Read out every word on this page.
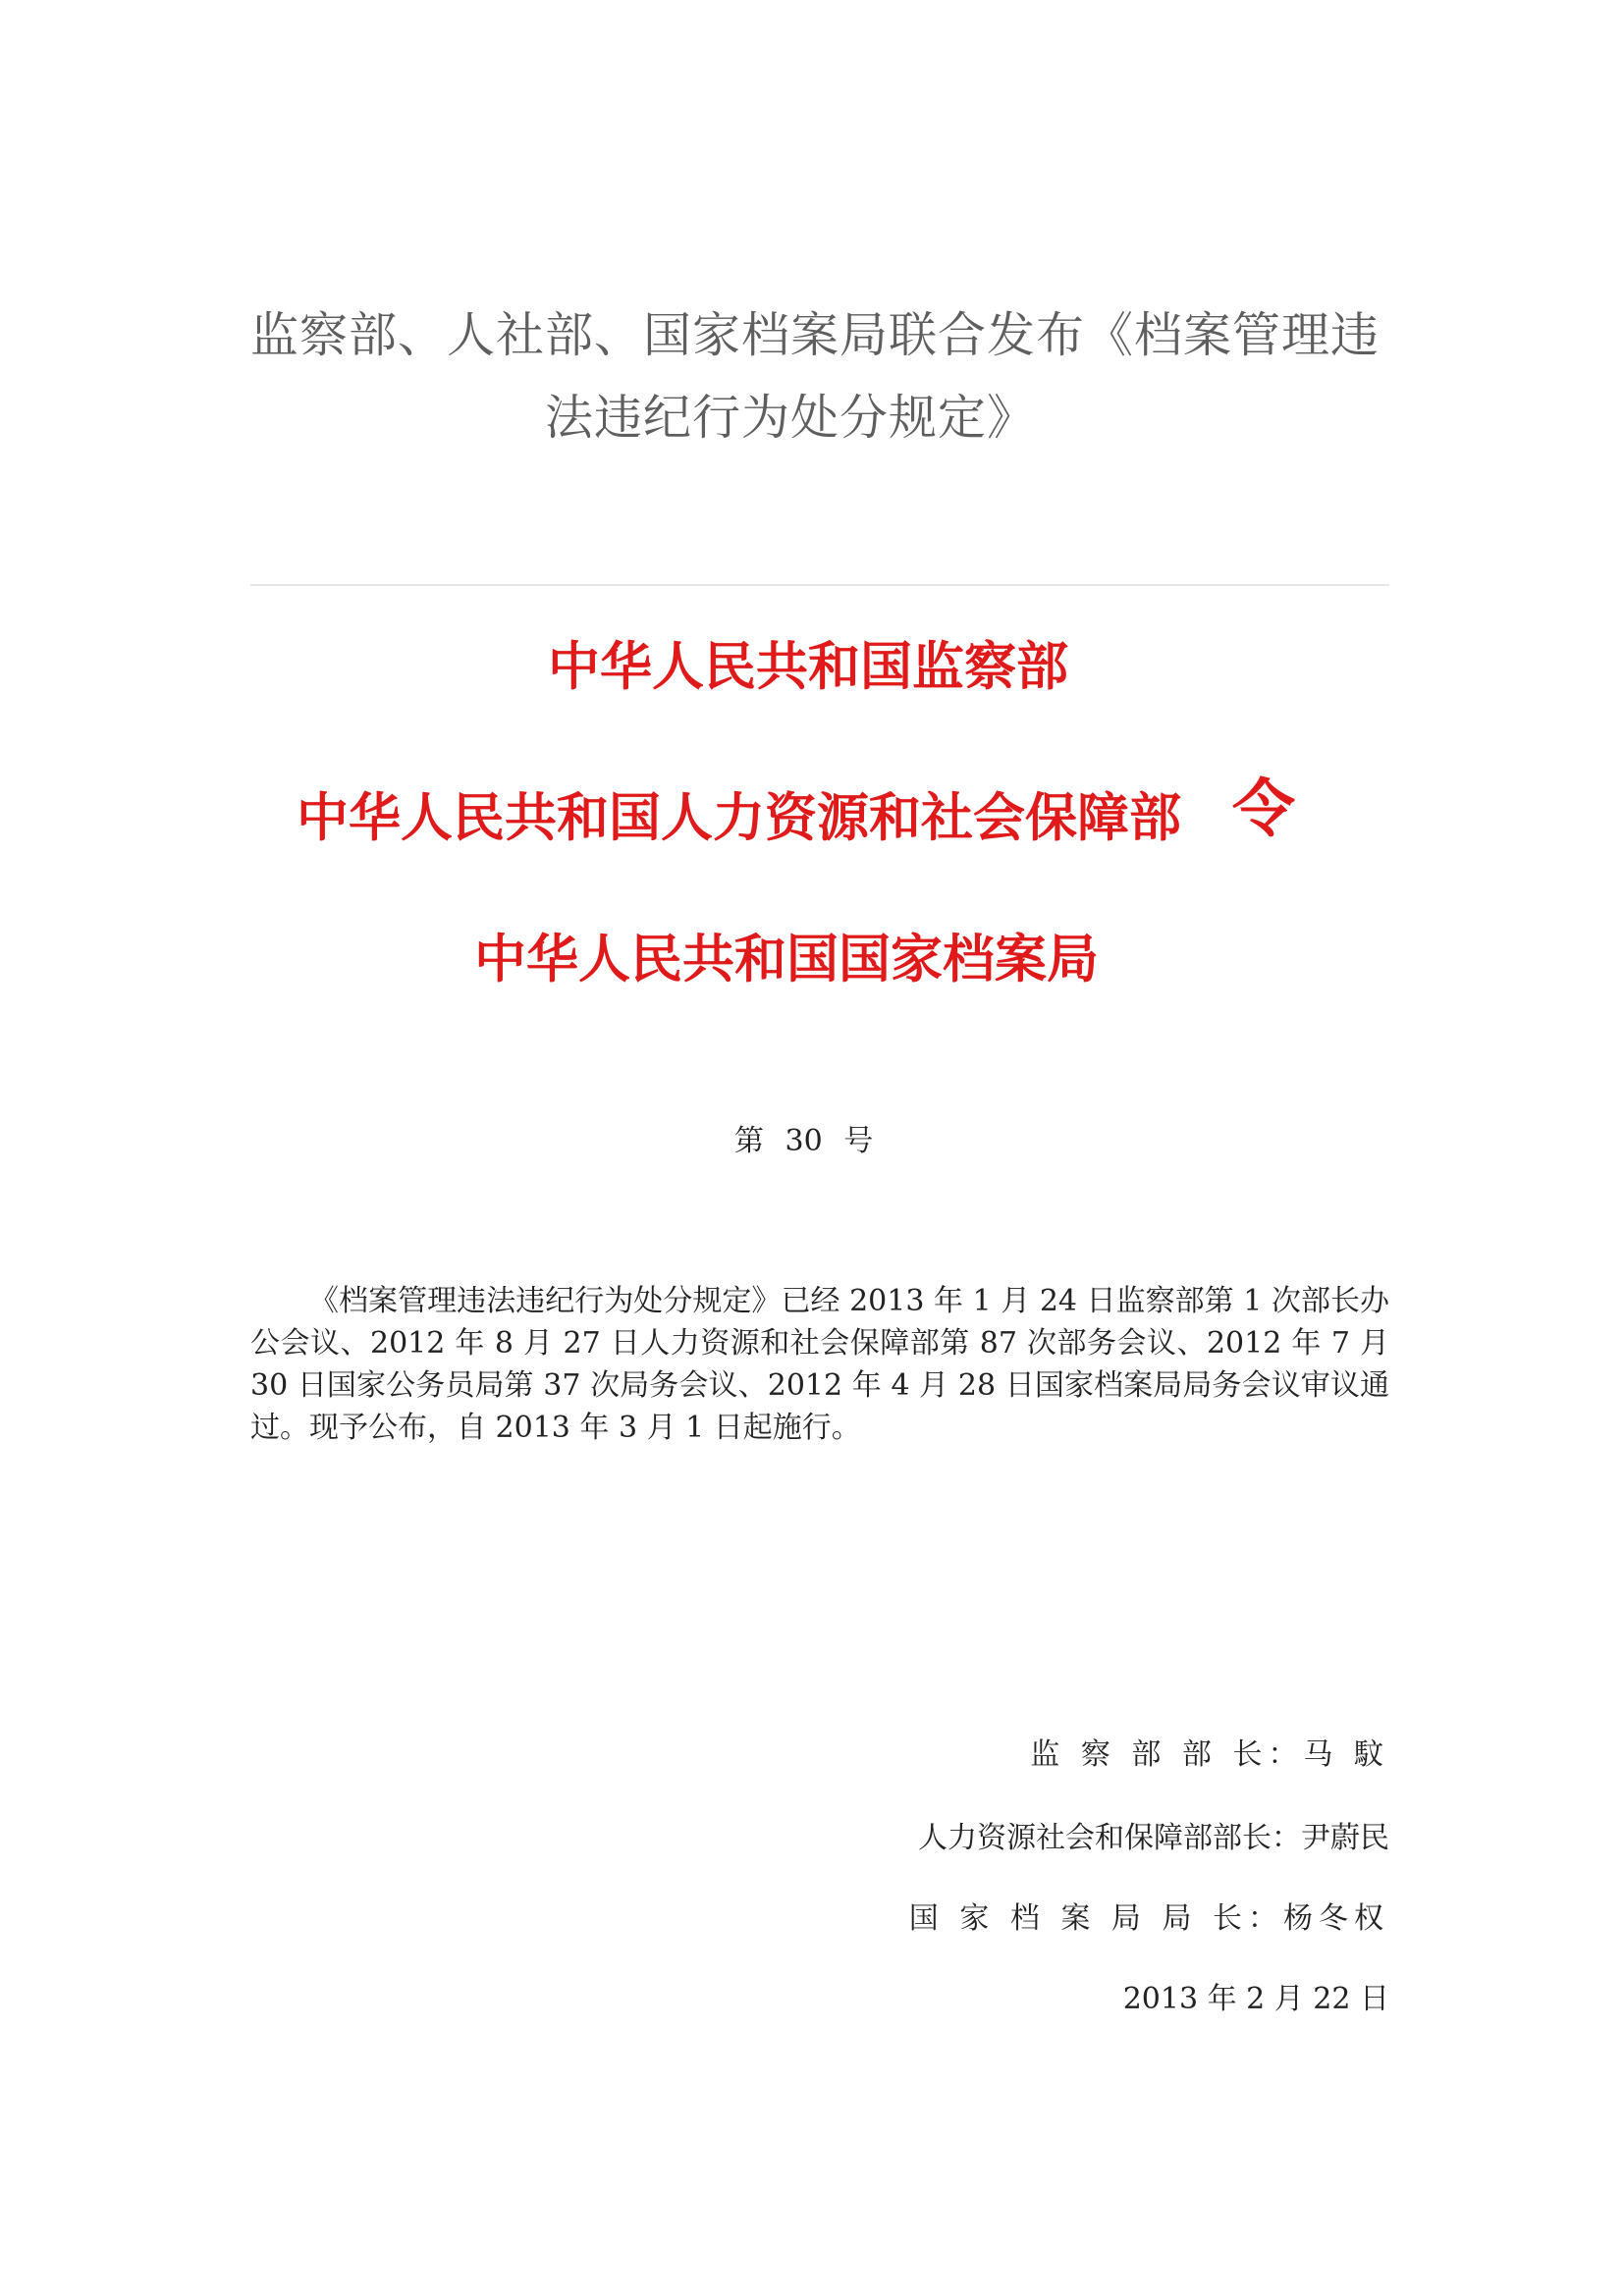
监察部、人社部、国家档案局联合发布《档案管理违
法违纪行为处分规定》
中华人民共和国监察部
中华人民共和国人力资源和社会保障部 令
中华人民共和国国家档案局
第 30 号
《档案管理违法违纪行为处分规定》已经 2013 年 1 月 24 日监察部第 1 次部长办公会议、2012 年 8 月 27 日人力资源和社会保障部第 87 次部务会议、2012 年 7 月 30 日国家公务员局第 37 次局务会议、2012 年 4 月 28 日国家档案局局务会议审议通过。现予公布，自 2013 年 3 月 1 日起施行。
监 察 部 部 长：马 馼
人力资源社会和保障部部长：尹蔚民
国 家 档 案 局 局 长：杨冬权
2013 年 2 月 22 日
